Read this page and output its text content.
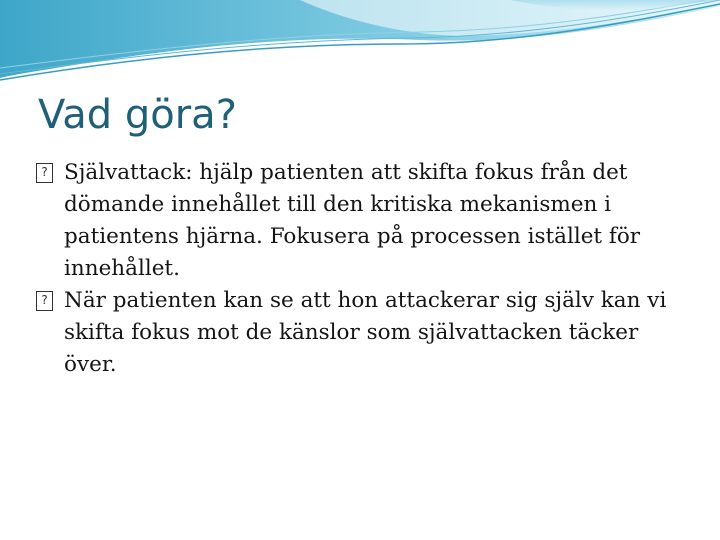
Vad göra?
? Självattack: hjälp patienten att skifta fokus från det dömande innehållet till den kritiska mekanismen i patientens hjärna. Fokusera på processen istället för innehållet.
? När patienten kan se att hon attackerar sig själv kan vi skifta fokus mot de känslor som självattacken täcker över.
